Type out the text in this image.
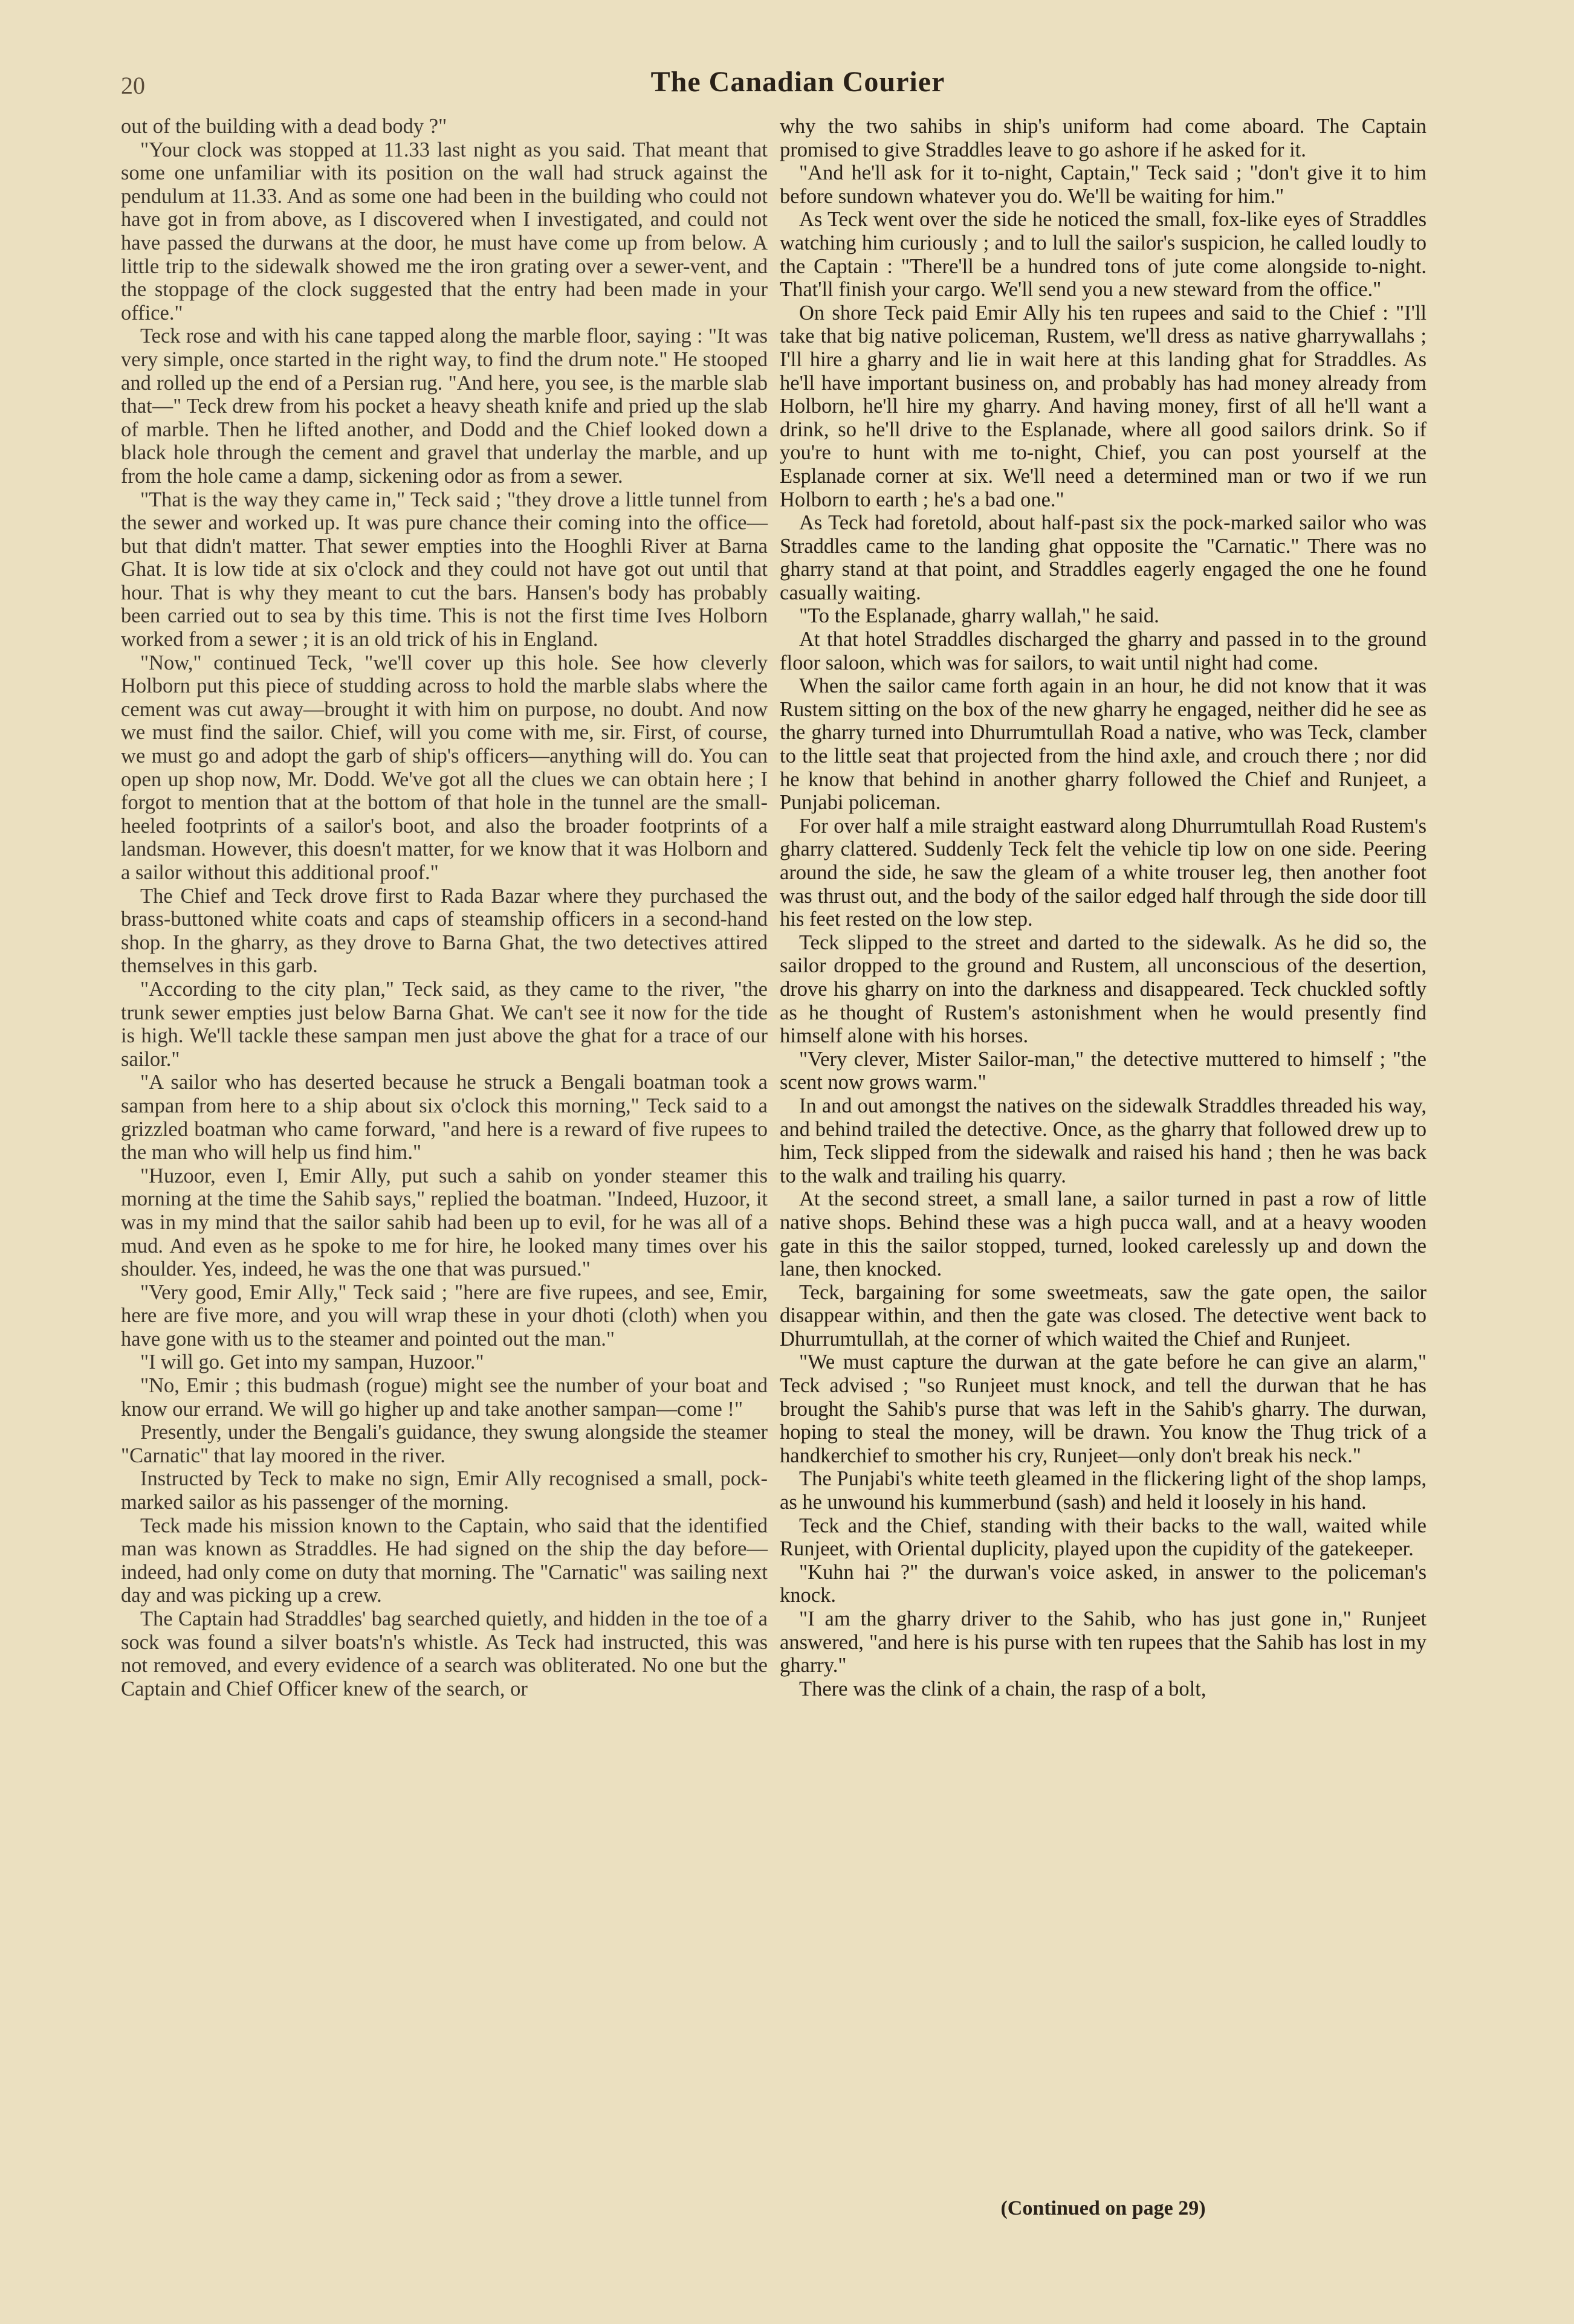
20	The Canadian Courier

out of the building with a dead body ?"

"Your clock was stopped at 11.33 last night as you said. That meant that some one unfamiliar with its position on the wall had struck against the pendulum at 11.33. And as some one had been in the building who could not have got in from above, as I discovered when I investigated, and could not have passed the durwans at the door, he must have come up from below. A little trip to the sidewalk showed me the iron grating over a sewer-vent, and the stoppage of the clock suggested that the entry had been made in your office."

Teck rose and with his cane tapped along the marble floor, saying : "It was very simple, once started in the right way, to find the drum note." He stooped and rolled up the end of a Persian rug. "And here, you see, is the marble slab that—" Teck drew from his pocket a heavy sheath knife and pried up the slab of marble. Then he lifted another, and Dodd and the Chief looked down a black hole through the cement and gravel that underlay the marble, and up from the hole came a damp, sickening odor as from a sewer.

"That is the way they came in," Teck said ; "they drove a little tunnel from the sewer and worked up. It was pure chance their coming into the office—but that didn't matter. That sewer empties into the Hooghli River at Barna Ghat. It is low tide at six o'clock and they could not have got out until that hour. That is why they meant to cut the bars. Hansen's body has probably been carried out to sea by this time. This is not the first time Ives Holborn worked from a sewer ; it is an old trick of his in England.

"Now," continued Teck, "we'll cover up this hole. See how cleverly Holborn put this piece of studding across to hold the marble slabs where the cement was cut away—brought it with him on purpose, no doubt. And now we must find the sailor. Chief, will you come with me, sir. First, of course, we must go and adopt the garb of ship's officers—anything will do. You can open up shop now, Mr. Dodd. We've got all the clues we can obtain here ; I forgot to mention that at the bottom of that hole in the tunnel are the small-heeled footprints of a sailor's boot, and also the broader footprints of a landsman. However, this doesn't matter, for we know that it was Holborn and a sailor without this additional proof."

The Chief and Teck drove first to Rada Bazar where they purchased the brass-buttoned white coats and caps of steamship officers in a second-hand shop. In the gharry, as they drove to Barna Ghat, the two detectives attired themselves in this garb.

"According to the city plan," Teck said, as they came to the river, "the trunk sewer empties just below Barna Ghat. We can't see it now for the tide is high. We'll tackle these sampan men just above the ghat for a trace of our sailor."

"A sailor who has deserted because he struck a Bengali boatman took a sampan from here to a ship about six o'clock this morning," Teck said to a grizzled boatman who came forward, "and here is a reward of five rupees to the man who will help us find him."

"Huzoor, even I, Emir Ally, put such a sahib on yonder steamer this morning at the time the Sahib says," replied the boatman. "Indeed, Huzoor, it was in my mind that the sailor sahib had been up to evil, for he was all of a mud. And even as he spoke to me for hire, he looked many times over his shoulder. Yes, indeed, he was the one that was pursued."

"Very good, Emir Ally," Teck said ; "here are five rupees, and see, Emir, here are five more, and you will wrap these in your dhoti (cloth) when you have gone with us to the steamer and pointed out the man."

"I will go. Get into my sampan, Huzoor."

"No, Emir ; this budmash (rogue) might see the number of your boat and know our errand. We will go higher up and take another sampan—come !"

Presently, under the Bengali's guidance, they swung alongside the steamer "Carnatic" that lay moored in the river.

Instructed by Teck to make no sign, Emir Ally recognised a small, pock-marked sailor as his passenger of the morning.

Teck made his mission known to the Captain, who said that the identified man was known as Straddles. He had signed on the ship the day before—indeed, had only come on duty that morning. The "Carnatic" was sailing next day and was picking up a crew.

The Captain had Straddles' bag searched quietly, and hidden in the toe of a sock was found a silver boats'n's whistle. As Teck had instructed, this was not removed, and every evidence of a search was obliterated. No one but the Captain and Chief Officer knew of the search, or

why the two sahibs in ship's uniform had come aboard. The Captain promised to give Straddles leave to go ashore if he asked for it.

"And he'll ask for it to-night, Captain," Teck said ; "don't give it to him before sundown whatever you do. We'll be waiting for him."

As Teck went over the side he noticed the small, fox-like eyes of Straddles watching him curiously ; and to lull the sailor's suspicion, he called loudly to the Captain : "There'll be a hundred tons of jute come alongside to-night. That'll finish your cargo. We'll send you a new steward from the office."

On shore Teck paid Emir Ally his ten rupees and said to the Chief : "I'll take that big native policeman, Rustem, we'll dress as native gharrywallahs ; I'll hire a gharry and lie in wait here at this landing ghat for Straddles. As he'll have important business on, and probably has had money already from Holborn, he'll hire my gharry. And having money, first of all he'll want a drink, so he'll drive to the Esplanade, where all good sailors drink. So if you're to hunt with me to-night, Chief, you can post yourself at the Esplanade corner at six. We'll need a determined man or two if we run Holborn to earth ; he's a bad one."

As Teck had foretold, about half-past six the pock-marked sailor who was Straddles came to the landing ghat opposite the "Carnatic." There was no gharry stand at that point, and Straddles eagerly engaged the one he found casually waiting.

"To the Esplanade, gharry wallah," he said.

At that hotel Straddles discharged the gharry and passed in to the ground floor saloon, which was for sailors, to wait until night had come.

When the sailor came forth again in an hour, he did not know that it was Rustem sitting on the box of the new gharry he engaged, neither did he see as the gharry turned into Dhurrumtullah Road a native, who was Teck, clamber to the little seat that projected from the hind axle, and crouch there ; nor did he know that behind in another gharry followed the Chief and Runjeet, a Punjabi policeman.

For over half a mile straight eastward along Dhurrumtullah Road Rustem's gharry clattered. Suddenly Teck felt the vehicle tip low on one side. Peering around the side, he saw the gleam of a white trouser leg, then another foot was thrust out, and the body of the sailor edged half through the side door till his feet rested on the low step.

Teck slipped to the street and darted to the sidewalk. As he did so, the sailor dropped to the ground and Rustem, all unconscious of the desertion, drove his gharry on into the darkness and disappeared. Teck chuckled softly as he thought of Rustem's astonishment when he would presently find himself alone with his horses.

"Very clever, Mister Sailor-man," the detective muttered to himself ; "the scent now grows warm."

In and out amongst the natives on the sidewalk Straddles threaded his way, and behind trailed the detective. Once, as the gharry that followed drew up to him, Teck slipped from the sidewalk and raised his hand ; then he was back to the walk and trailing his quarry.

At the second street, a small lane, a sailor turned in past a row of little native shops. Behind these was a high pucca wall, and at a heavy wooden gate in this the sailor stopped, turned, looked carelessly up and down the lane, then knocked.

Teck, bargaining for some sweetmeats, saw the gate open, the sailor disappear within, and then the gate was closed. The detective went back to Dhurrumtullah, at the corner of which waited the Chief and Runjeet.

"We must capture the durwan at the gate before he can give an alarm," Teck advised ; "so Runjeet must knock, and tell the durwan that he has brought the Sahib's purse that was left in the Sahib's gharry. The durwan, hoping to steal the money, will be drawn. You know the Thug trick of a handkerchief to smother his cry, Runjeet—only don't break his neck."

The Punjabi's white teeth gleamed in the flickering light of the shop lamps, as he unwound his kummerbund (sash) and held it loosely in his hand.

Teck and the Chief, standing with their backs to the wall, waited while Runjeet, with Oriental duplicity, played upon the cupidity of the gatekeeper.

"Kuhn hai ?" the durwan's voice asked, in answer to the policeman's knock.

"I am the gharry driver to the Sahib, who has just gone in," Runjeet answered, "and here is his purse with ten rupees that the Sahib has lost in my gharry."

There was the clink of a chain, the rasp of a bolt,

(Continued on page 29)
